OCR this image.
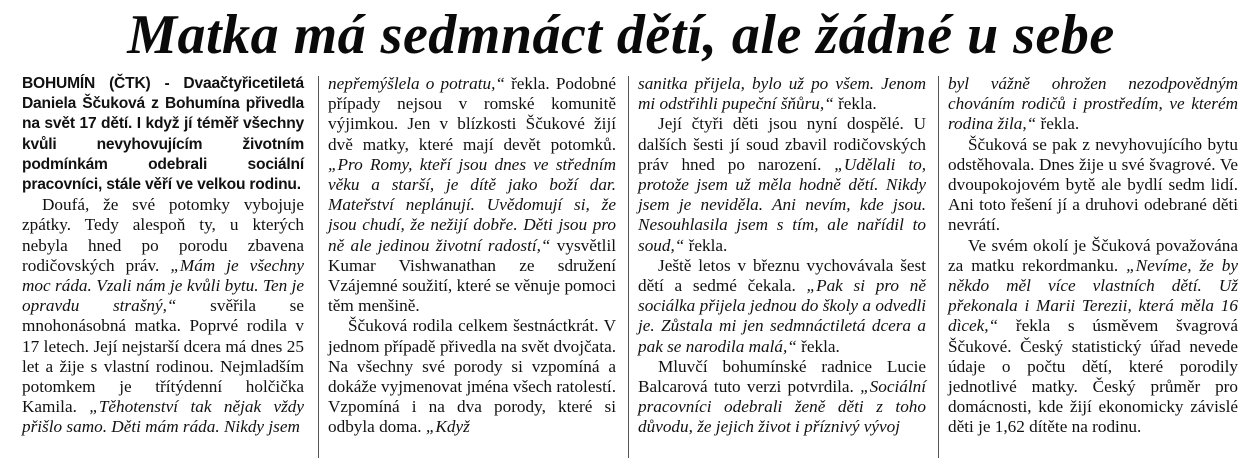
Matka má sedmnáct dětí, ale žádné u sebe

BOHUMÍN (ČTK) - Dvaačtyřicetiletá Daniela Ščuková z Bohumína přivedla na svět 17 dětí. I když jí téměř všechny kvůli nevyhovujícím životním podmínkám odebrali sociální pracovníci, stále věří ve velkou rodinu.

Doufá, že své potomky vybojuje zpátky. Tedy alespoň ty, u kterých nebyla hned po porodu zbavena rodičovských práv. „Mám je všechny moc ráda. Vzali nám je kvůli bytu. Ten je opravdu strašný,“ svěřila se mnohonásobná matka. Poprvé rodila v 17 letech. Její nejstarší dcera má dnes 25 let a žije s vlastní rodinou. Nejmladším potomkem je třítýdenní holčička Kamila. „Těhotenství tak nějak vždy přišlo samo. Děti mám ráda. Nikdy jsem

nepřemýšlela o potratu,“ řekla. Podobné případy nejsou v romské komunitě výjimkou. Jen v blízkosti Ščukové žijí dvě matky, které mají devět potomků. „Pro Romy, kteří jsou dnes ve středním věku a starší, je dítě jako boží dar. Mateřství neplánují. Uvědomují si, že jsou chudí, že nežijí dobře. Děti jsou pro ně ale jedinou životní radostí,“ vysvětlil Kumar Vishwanathan ze sdružení Vzájemné soužití, které se věnuje pomoci těm menšině.

Ščuková rodila celkem šestnáctkrát. V jednom případě přivedla na svět dvojčata. Na všechny své porody si vzpomíná a dokáže vyjmenovat jména všech ratolestí. Vzpomíná i na dva porody, které si odbyla doma. „Když

sanitka přijela, bylo už po všem. Jenom mi odstřihli pupeční šňůru,“ řekla.

Její čtyři děti jsou nyní dospělé. U dalších šesti jí soud zbavil rodičovských práv hned po narození. „Udělali to, protože jsem už měla hodně dětí. Nikdy jsem je neviděla. Ani nevím, kde jsou. Nesouhlasila jsem s tím, ale nařídil to soud,“ řekla.

Ještě letos v březnu vychovávala šest dětí a sedmé čekala. „Pak si pro ně sociálka přijela jednou do školy a odvedli je. Zůstala mi jen sedmnáctiletá dcera a pak se narodila malá,“ řekla.

Mluvčí bohumínské radnice Lucie Balcarová tuto verzi potvrdila. „Sociální pracovníci odebrali ženě děti z toho důvodu, že jejich život i příznivý vývoj

byl vážně ohrožen nezodpovědným chováním rodičů i prostředím, ve kterém rodina žila,“ řekla.

Ščuková se pak z nevyhovujícího bytu odstěhovala. Dnes žije u své švagrové. Ve dvoupokojovém bytě ale bydlí sedm lidí. Ani toto řešení jí a druhovi odebrané děti nevrátí.

Ve svém okolí je Ščuková považována za matku rekordmanku. „Nevíme, že by někdo měl více vlastních dětí. Už překonala i Marii Terezii, která měla 16 dìcek,“ řekla s úsměvem švagrová Ščukové. Český statistický úřad nevede údaje o počtu dětí, které porodily jednotlivé matky. Český průměr pro domácnosti, kde žijí ekonomicky závislé děti je 1,62 dítěte na rodinu.
